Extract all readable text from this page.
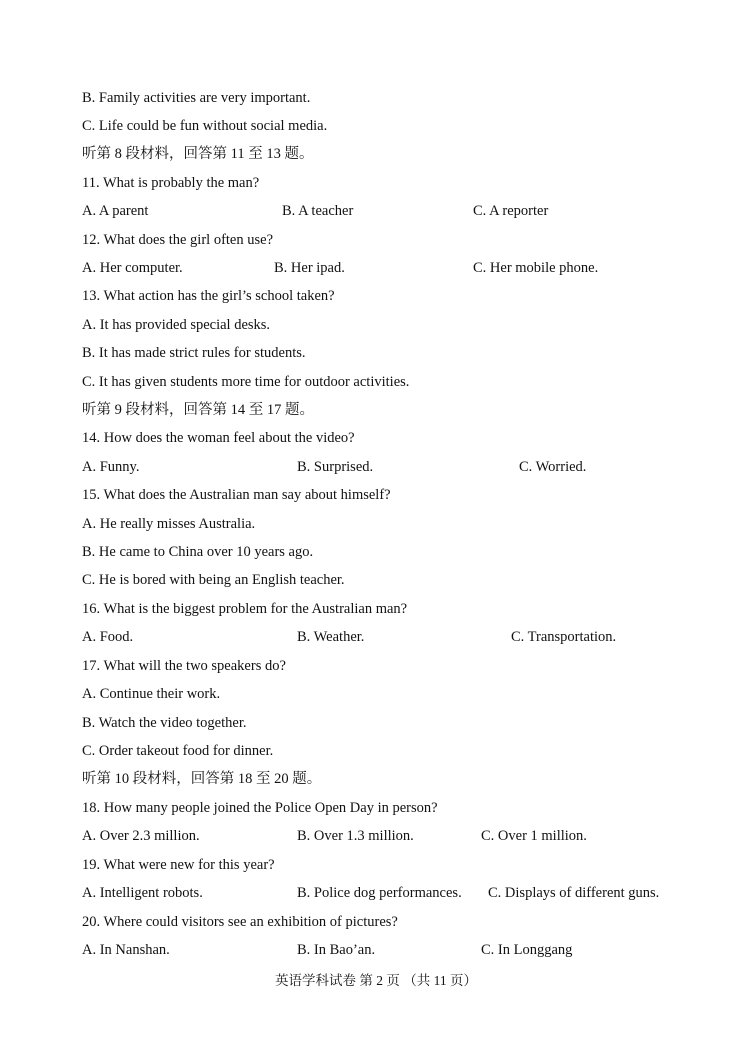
B. Family activities are very important.
C. Life could be fun without social media.
听第 8 段材料，回答第 11 至 13 题。
11. What is probably the man?
A. A parent	B. A teacher	C. A reporter
12. What does the girl often use?
A. Her computer.	B. Her ipad.	C. Her mobile phone.
13. What action has the girl’s school taken?
A. It has provided special desks.
B. It has made strict rules for students.
C. It has given students more time for outdoor activities.
听第 9 段材料，回答第 14 至 17 题。
14. How does the woman feel about the video?
A. Funny.	B. Surprised.	C. Worried.
15. What does the Australian man say about himself?
A. He really misses Australia.
B. He came to China over 10 years ago.
C. He is bored with being an English teacher.
16. What is the biggest problem for the Australian man?
A. Food.	B. Weather.	C. Transportation.
17. What will the two speakers do?
A. Continue their work.
B. Watch the video together.
C. Order takeout food for dinner.
听第 10 段材料，回答第 18 至 20 题。
18. How many people joined the Police Open Day in person?
A. Over 2.3 million.	B. Over 1.3 million.	C. Over 1 million.
19. What were new for this year?
A. Intelligent robots.	B. Police dog performances. C. Displays of different guns.
20. Where could visitors see an exhibition of pictures?
A. In Nanshan.	B. In Bao’an.	C. In Longgang
英语学科试卷 第 2 页 （共 11 页）
